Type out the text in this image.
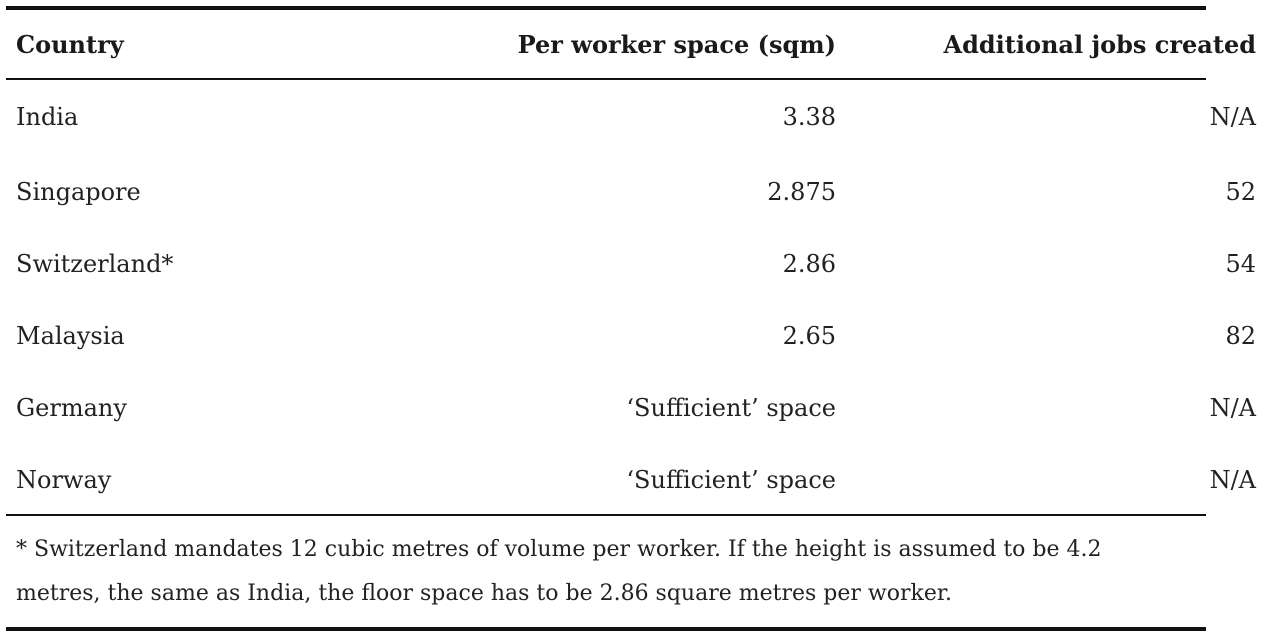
Country	Per worker space (sqm)	Additional jobs created
India	3.38	N/A
Singapore	2.875	52
Switzerland*	2.86	54
Malaysia	2.65	82
Germany	‘Sufficient’ space	N/A
Norway	‘Sufficient’ space	N/A
* Switzerland mandates 12 cubic metres of volume per worker. If the height is assumed to be 4.2
metres, the same as India, the floor space has to be 2.86 square metres per worker.
